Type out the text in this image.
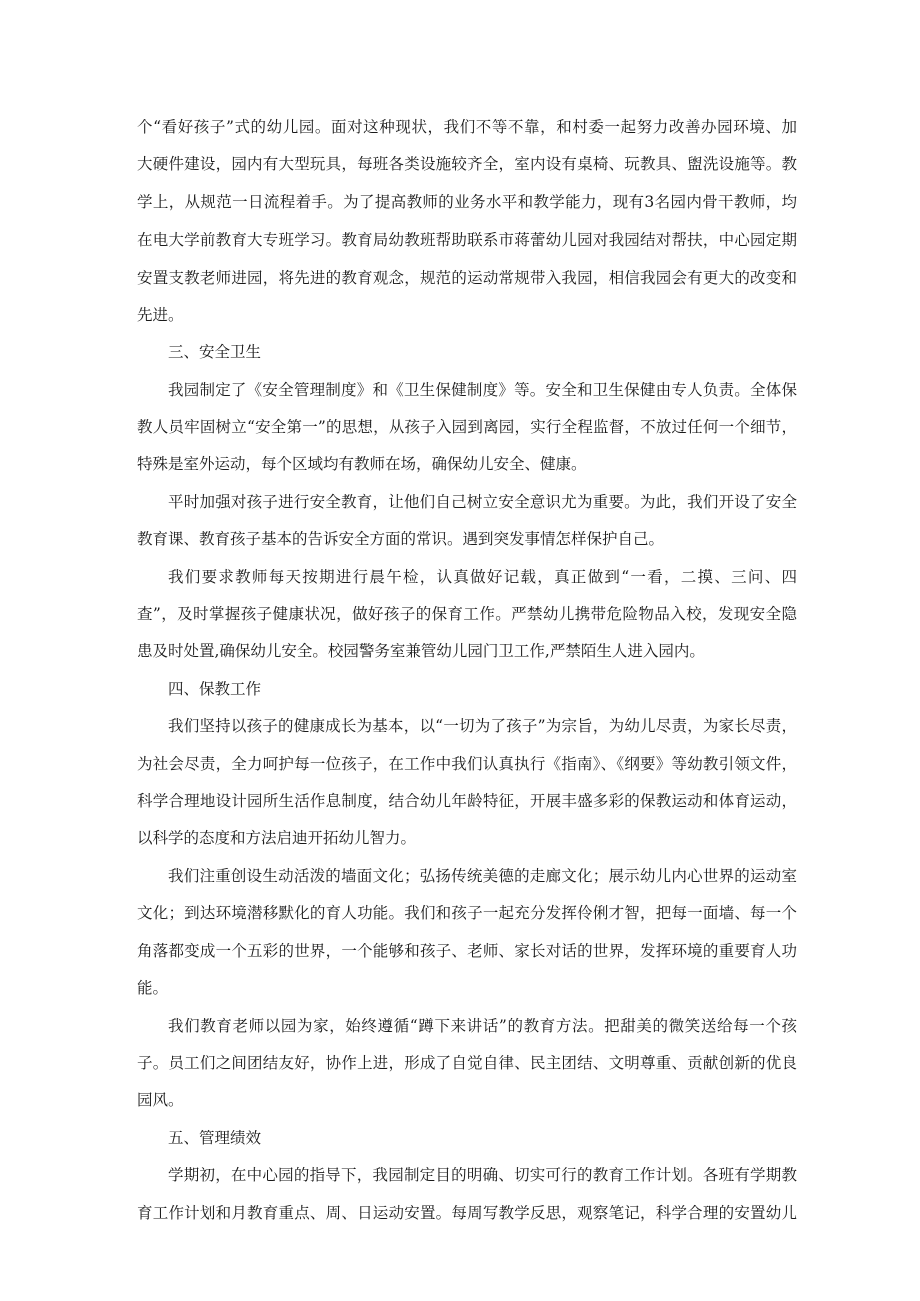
个“看好孩子”式的幼儿园。面对这种现状，我们不等不靠，和村委一起努力改善办园环境、加
大硬件建设，园内有大型玩具，每班各类设施较齐全，室内设有桌椅、玩教具、盥洗设施等。教
学上，从规范一日流程着手。为了提高教师的业务水平和教学能力，现有3名园内骨干教师，均
在电大学前教育大专班学习。教育局幼教班帮助联系市蒋蕾幼儿园对我园结对帮扶，中心园定期
安置支教老师进园，将先进的教育观念，规范的运动常规带入我园，相信我园会有更大的改变和
先进。
三、安全卫生
我园制定了《安全管理制度》和《卫生保健制度》等。安全和卫生保健由专人负责。全体保
教人员牢固树立“安全第一”的思想，从孩子入园到离园，实行全程监督，不放过任何一个细节，
特殊是室外运动，每个区域均有教师在场，确保幼儿安全、健康。
平时加强对孩子进行安全教育，让他们自己树立安全意识尤为重要。为此，我们开设了安全
教育课、教育孩子基本的告诉安全方面的常识。遇到突发事情怎样保护自己。
我们要求教师每天按期进行晨午检，认真做好记载，真正做到“一看，二摸、三问、四
查”，及时掌握孩子健康状况，做好孩子的保育工作。严禁幼儿携带危险物品入校，发现安全隐
患及时处置,确保幼儿安全。校园警务室兼管幼儿园门卫工作,严禁陌生人进入园内。
四、保教工作
我们坚持以孩子的健康成长为基本，以“一切为了孩子”为宗旨，为幼儿尽责，为家长尽责，
为社会尽责，全力呵护每一位孩子，在工作中我们认真执行《指南》、《纲要》等幼教引领文件，
科学合理地设计园所生活作息制度，结合幼儿年龄特征，开展丰盛多彩的保教运动和体育运动，
以科学的态度和方法启迪开拓幼儿智力。
我们注重创设生动活泼的墙面文化；弘扬传统美德的走廊文化；展示幼儿内心世界的运动室
文化；到达环境潜移默化的育人功能。我们和孩子一起充分发挥伶俐才智，把每一面墙、每一个
角落都变成一个五彩的世界，一个能够和孩子、老师、家长对话的世界，发挥环境的重要育人功
能。
我们教育老师以园为家，始终遵循“蹲下来讲话”的教育方法。把甜美的微笑送给每一个孩
子。员工们之间团结友好，协作上进，形成了自觉自律、民主团结、文明尊重、贡献创新的优良
园风。
五、管理绩效
学期初，在中心园的指导下，我园制定目的明确、切实可行的教育工作计划。各班有学期教
育工作计划和月教育重点、周、日运动安置。每周写教学反思，观察笔记，科学合理的安置幼儿
